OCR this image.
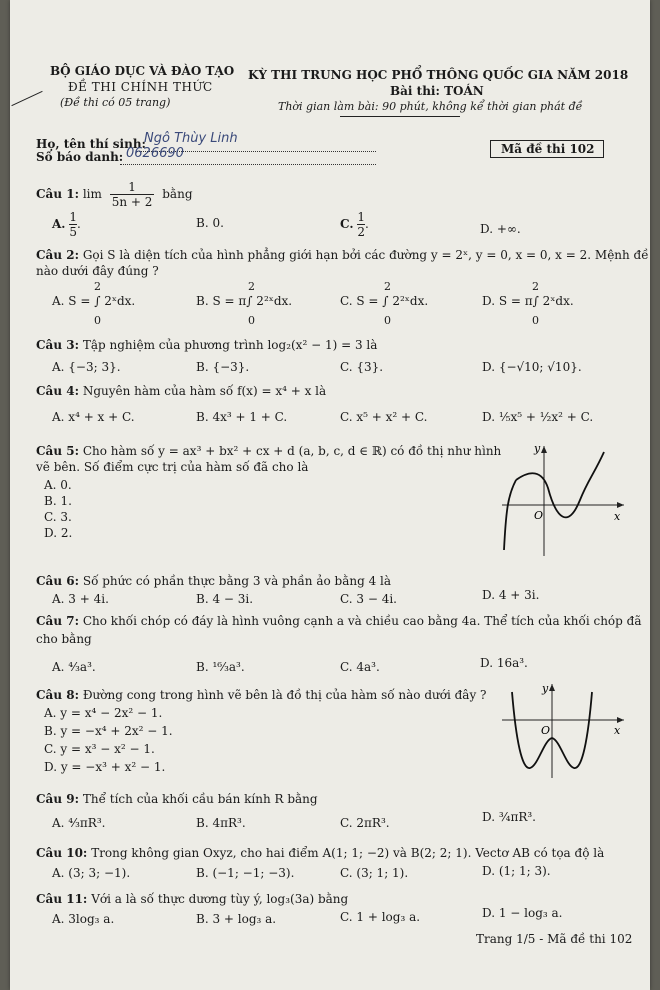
BỘ GIÁO DỤC VÀ ĐÀO TẠO
ĐỀ THI CHÍNH THỨC
(Đề thi có 05 trang)
KỲ THI TRUNG HỌC PHỔ THÔNG QUỐC GIA NĂM 2018
Bài thi: TOÁN
Thời gian làm bài: 90 phút, không kể thời gian phát đề
Họ, tên thí sinh:
Ngô Thùy Linh
Số báo danh: 0626690	Mã đề thi 102
Câu 1: $\lim \frac{1}{5n + 2}$ bằng
A. $\frac{1}{5}$ .	B. 0.	C. $\frac{1}{2}$ .	D. +∞.
Câu 2: Gọi S là diện tích của hình phẳng giới hạn bởi các đường y = 2ˣ, y = 0, x = 0, x = 2. Mệnh đề
nào dưới đây đúng ?
A. S = ∫ 2ˣdx.	B. S = π∫ 2²ˣdx.	C. S = ∫ 2²ˣdx.	D. S = π∫ 2ˣdx.
2
0
2
0
2
0
2
0
Câu 3: Tập nghiệm của phương trình log₂(x² − 1) = 3 là
A. {−3; 3}.	B. {−3}.	C. {3}.	D. {−√10; √10}.
Câu 4: Nguyên hàm của hàm số f(x) = x⁴ + x là
A. x⁴ + x + C.	B. 4x³ + 1 + C.	C. x⁵ + x² + C.	D. ⅕x⁵ + ½x² + C.
Câu 5: Cho hàm số y = ax³ + bx² + cx + d (a, b, c, d ∈ ℝ) có đồ thị như hình
vẽ bên. Số điểm cực trị của hàm số đã cho là
A. 0.
B. 1.
C. 3.
D. 2.
y
x
O
Câu 6: Số phức có phần thực bằng 3 và phần ảo bằng 4 là
A. 3 + 4i.	B. 4 − 3i.	C. 3 − 4i.	D. 4 + 3i.
Câu 7: Cho khối chóp có đáy là hình vuông cạnh a và chiều cao bằng 4a. Thể tích của khối chóp đã
cho bằng
A. ⁴⁄₃a³.	B. ¹⁶⁄₃a³.	C. 4a³.	D. 16a³.
Câu 8: Đường cong trong hình vẽ bên là đồ thị của hàm số nào dưới đây ?
A. y = x⁴ − 2x² − 1.
B. y = −x⁴ + 2x² − 1.
C. y = x³ − x² − 1.
D. y = −x³ + x² − 1.
y
x
O
Câu 9: Thể tích của khối cầu bán kính R bằng
A. ⁴⁄₃πR³.	B. 4πR³.	C. 2πR³.	D. ¾πR³.
Câu 10: Trong không gian Oxyz, cho hai điểm A(1; 1; −2) và B(2; 2; 1). Vectơ AB có tọa độ là
A. (3; 3; −1).	B. (−1; −1; −3).	C. (3; 1; 1).	D. (1; 1; 3).
Câu 11: Với a là số thực dương tùy ý, log₃(3a) bằng
A. 3log₃ a.	B. 3 + log₃ a.	C. 1 + log₃ a.	D. 1 − log₃ a.
Trang 1/5 - Mã đề thi 102
